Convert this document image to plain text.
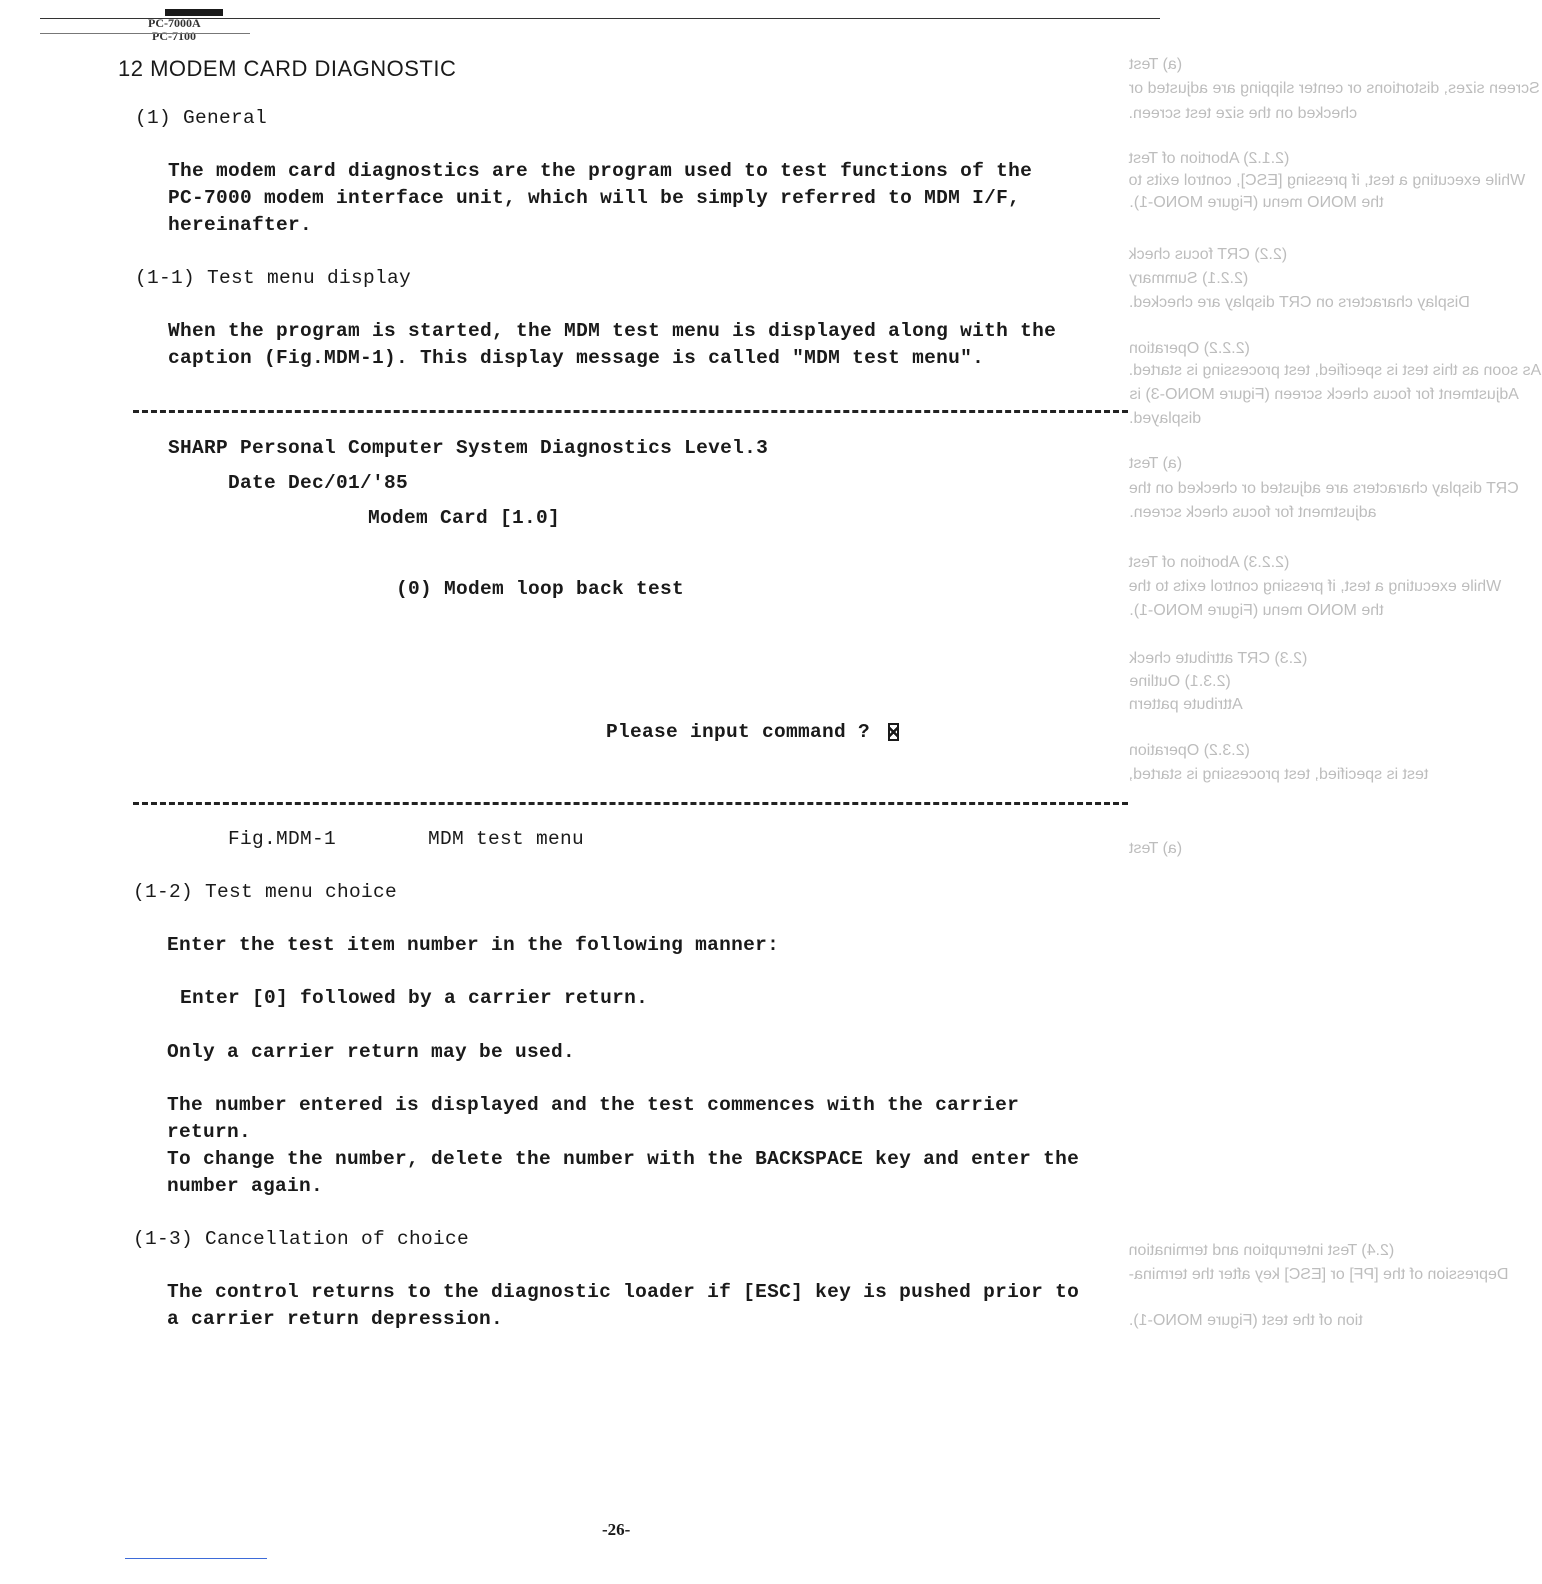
PC-7000A
PC-7100
(a) Test
Screen sizes, distortions or center slipping are adjusted or
checked on the size test screen.
(2.1.2) Abortion of Test
While executing a test, if pressing [ESC], control exits to
the MONO menu (Figure MONO-1).
(2.2) CRT focus check
(2.2.1) Summary
Display characters on CRT display are checked.
(2.2.2) Operation
As soon as this test is specified, test processing is started.
Adjustment for focus check screen (Figure MONO-3) is
displayed.
(a) Test
CRT display characters are adjusted or checked on the
adjustment for focus check screen.
(2.2.3) Abortion of Test
While executing a test, if pressing control exits to the
the MONO menu (Figure MONO-1).
(2.3) CRT attribute check
(2.3.1) Outline
Attribute pattern
(2.3.2) Operation
test is specified, test processing is started,
(a) Test
(2.4) Test interruption and termination
Depression of the [PF] or [ESC] key after the termina-
tion of the test (Figure MONO-1).
12 MODEM CARD DIAGNOSTIC
(1) General
The modem card diagnostics are the program used to test functions of the
PC-7000 modem interface unit, which will be simply referred to MDM I/F,
hereinafter.
(1-1) Test menu display
When the program is started, the MDM test menu is displayed along with the
caption (Fig.MDM-1). This display message is called "MDM test menu".
SHARP Personal Computer System Diagnostics Level.3
Date Dec/01/'85
Modem Card [1.0]
(0) Modem loop back test
Please input command ?
Fig.MDM-1	MDM test menu
(1-2) Test menu choice
Enter the test item number in the following manner:
Enter [0] followed by a carrier return.
Only a carrier return may be used.
The number entered is displayed and the test commences with the carrier
return.
To change the number, delete the number with the BACKSPACE key and enter the
number again.
(1-3) Cancellation of choice
The control returns to the diagnostic loader if [ESC] key is pushed prior to
a carrier return depression.
-26-
